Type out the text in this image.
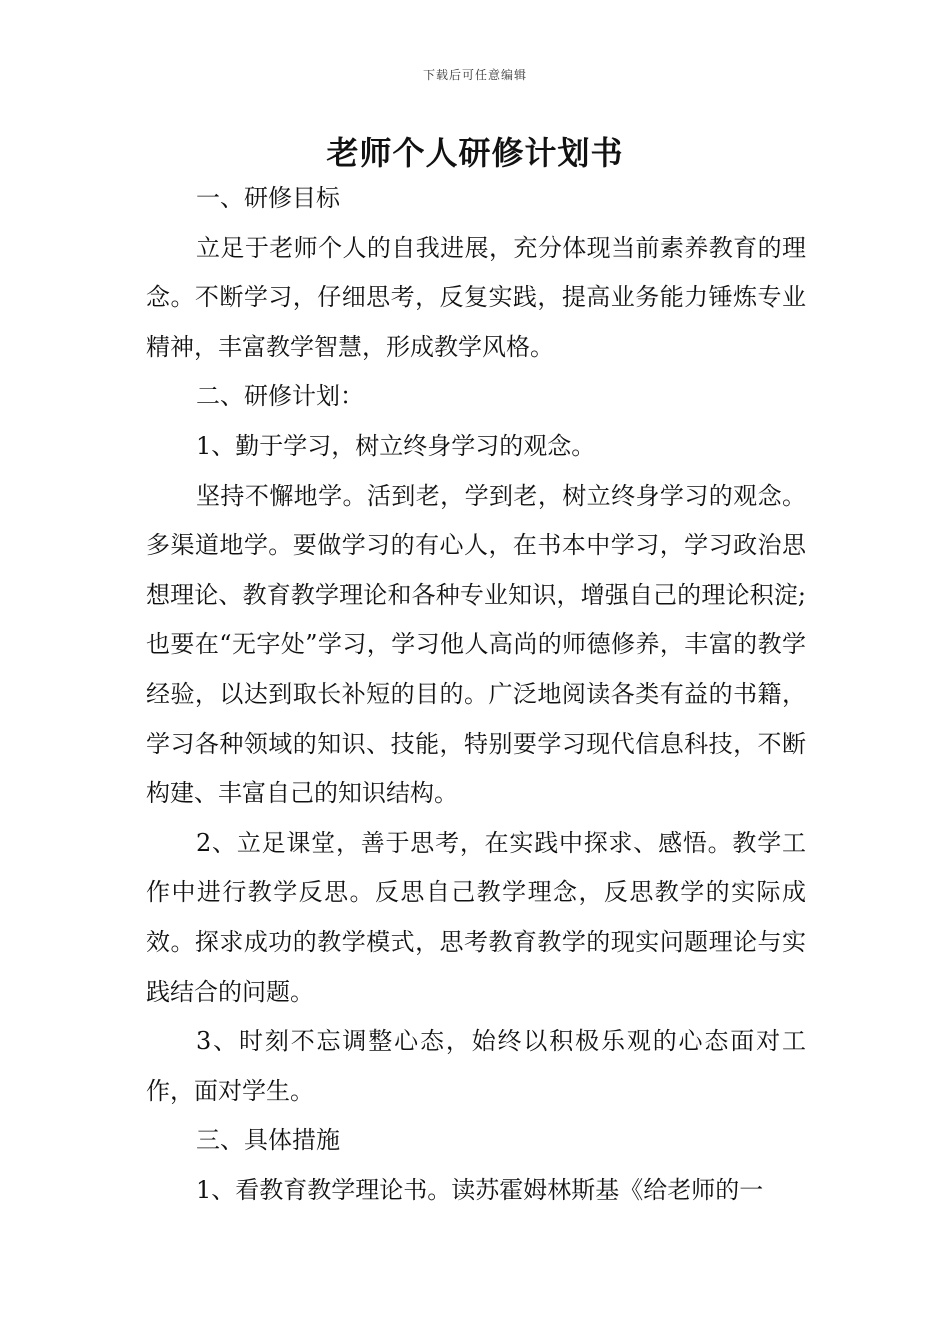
下载后可任意编辑
老师个人研修计划书

一、研修目标

立足于老师个人的自我进展，充分体现当前素养教育的理念。不断学习，仔细思考，反复实践，提高业务能力锤炼专业精神，丰富教学智慧，形成教学风格。

二、研修计划：

1、勤于学习，树立终身学习的观念。

坚持不懈地学。活到老，学到老，树立终身学习的观念。 多渠道地学。要做学习的有心人，在书本中学习，学习政治思想理论、教育教学理论和各种专业知识，增强自己的理论积淀;也要在“无字处”学习，学习他人高尚的师德修养，丰富的教学经验，以达到取长补短的目的。广泛地阅读各类有益的书籍，学习各种领域的知识、技能，特别要学习现代信息科技，不断构建、丰富自己的知识结构。

2、立足课堂，善于思考，在实践中探求、感悟。教学工作中进行教学反思。反思自己教学理念，反思教学的实际成效。探求成功的教学模式，思考教育教学的现实问题理论与实践结合的问题。

3、时刻不忘调整心态，始终以积极乐观的心态面对工作，面对学生。

三、具体措施

1、看教育教学理论书。读苏霍姆林斯基《给老师的一
